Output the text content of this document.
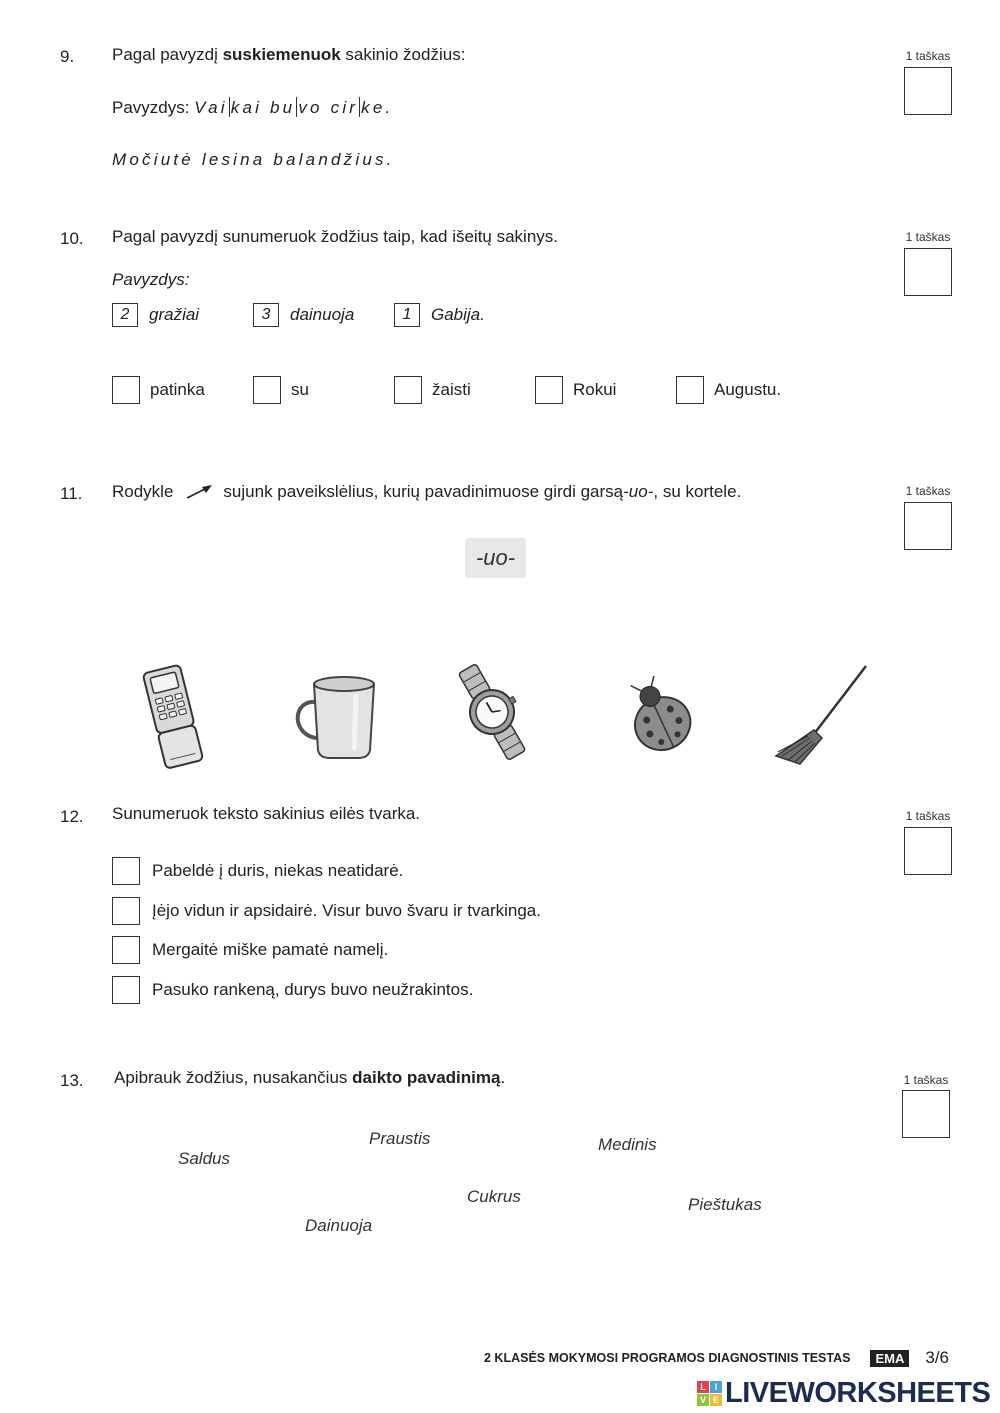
9. Pagal pavyzdį suskiemenuok sakinio žodžius:	1 taškas
Pavyzdys: Vai kai bu vo cir ke.
Močiutė lesina balandžius.
10. Pagal pavyzdį sunumeruok žodžius taip, kad išeitų sakinys.	1 taškas
Pavyzdys:
2	gražiai	3	dainuoja	1	Gabija.
patinka	su	žaisti	Rokui	Augustu.
11. Rodykle	sujunk paveikslėlius, kurių pavadinimuose girdi garsą -uo- , su kortele.	1 taškas
-uo-
12. Sunumeruok teksto sakinius eilės tvarka.	1 taškas
Pabeldė į duris, niekas neatidarė.
Įėjo vidun ir apsidairė. Visur buvo švaru ir tvarkinga.
Mergaitė miške pamatė namelį.
Pasuko rankeną, durys buvo neužrakintos.
13. Apibrauk žodžius, nusakančius daikto pavadinimą.	1 taškas
Saldus
Praustis	Medinis
Cukrus	Pieštukas
Dainuoja
2 KLASĖS MOKYMOSI PROGRAMOS DIAGNOSTINIS TESTAS	EMA 3/6
L I
V E LIVEWORKSHEETS
